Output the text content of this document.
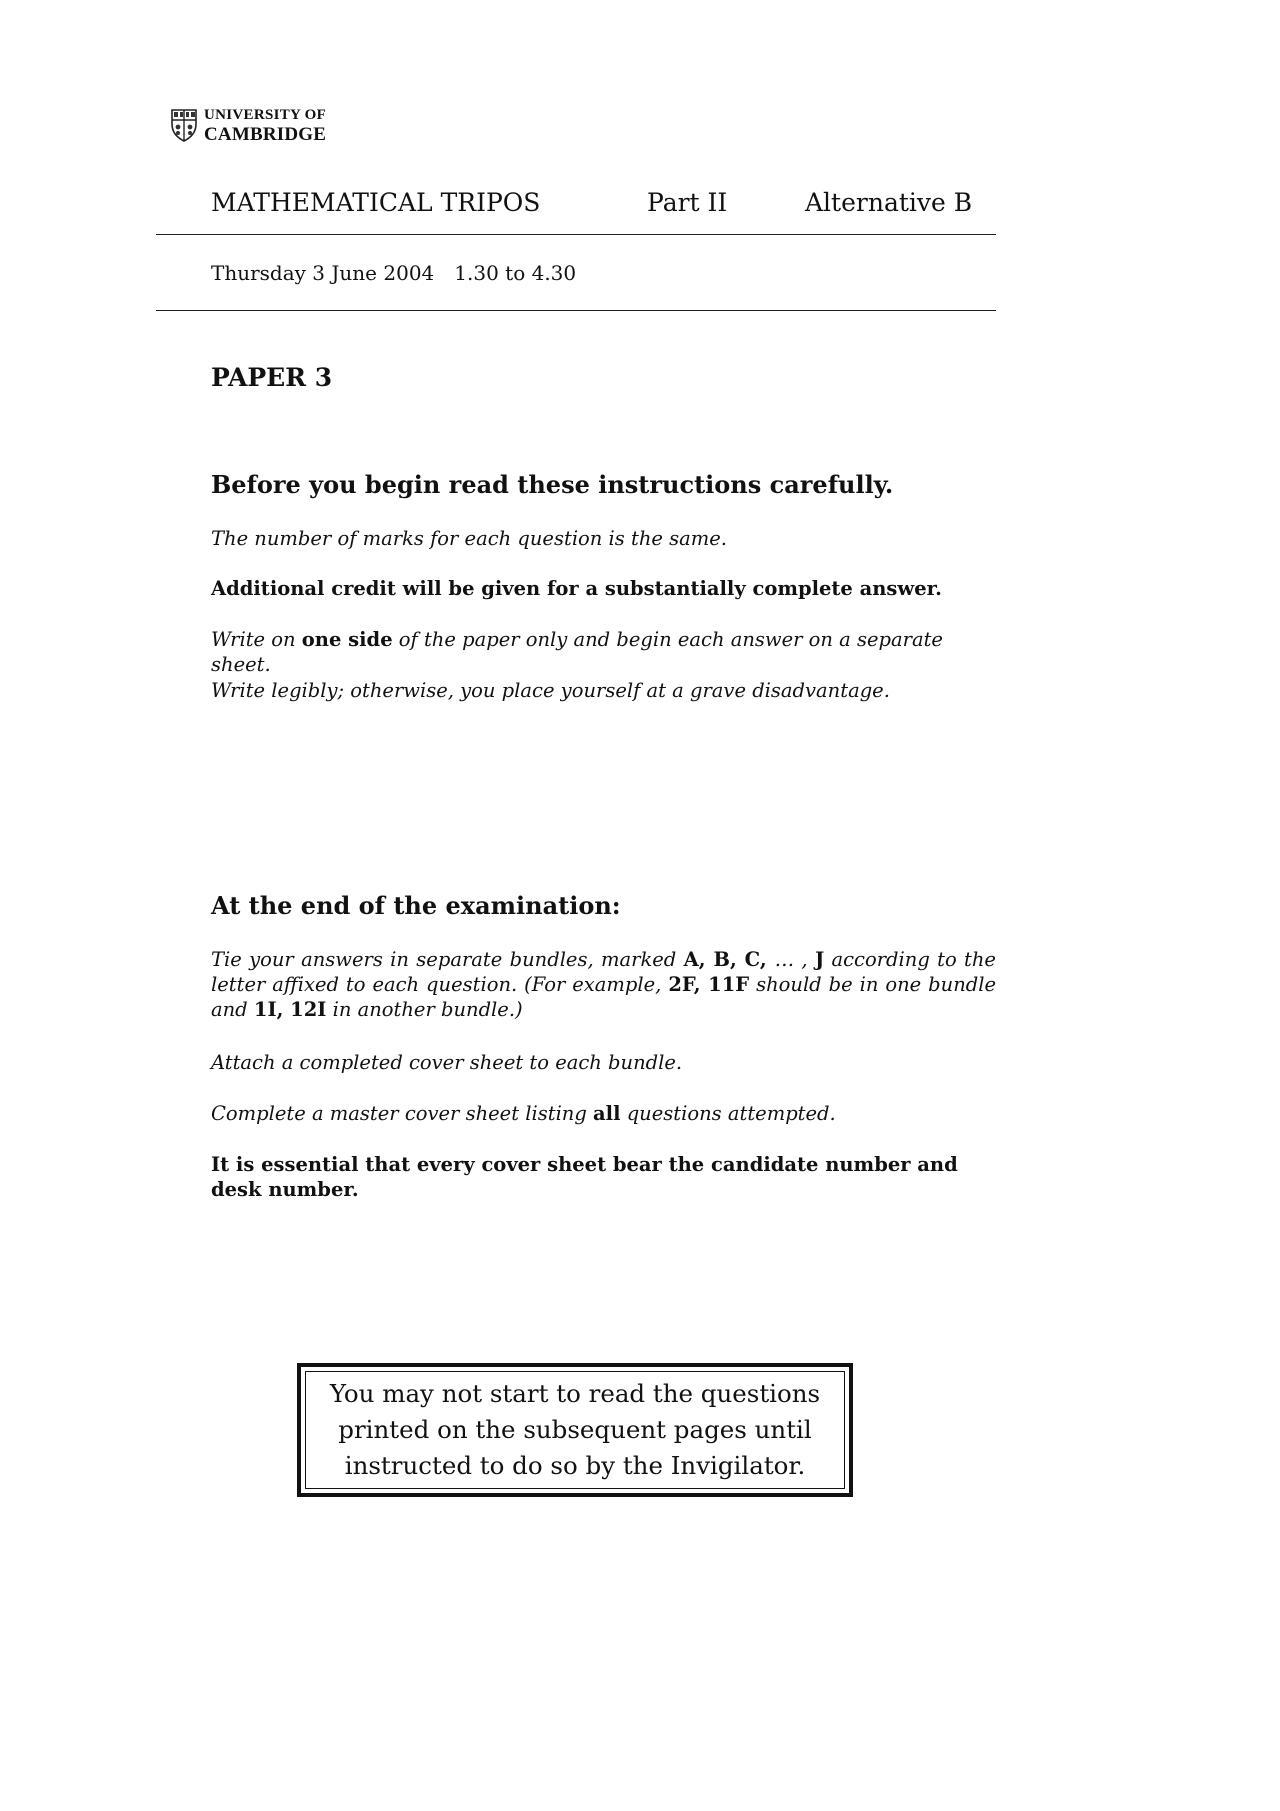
UNIVERSITY OF
CAMBRIDGE
MATHEMATICAL TRIPOS	Part II	Alternative B
Thursday 3 June 2004 1.30 to 4.30
PAPER 3
Before you begin read these instructions carefully.
The number of marks for each question is the same.
Additional credit will be given for a substantially complete answer.
Write on one side of the paper only and begin each answer on a separate sheet.
Write legibly; otherwise, you place yourself at a grave disadvantage.
At the end of the examination:
Tie your answers in separate bundles, marked A, B, C, … , J according to the letter affixed to each question. (For example, 2F, 11F should be in one bundle and 1I, 12I in another bundle.)
Attach a completed cover sheet to each bundle.
Complete a master cover sheet listing all questions attempted.
It is essential that every cover sheet bear the candidate number and desk number.
You may not start to read the questions
printed on the subsequent pages until
instructed to do so by the Invigilator.
